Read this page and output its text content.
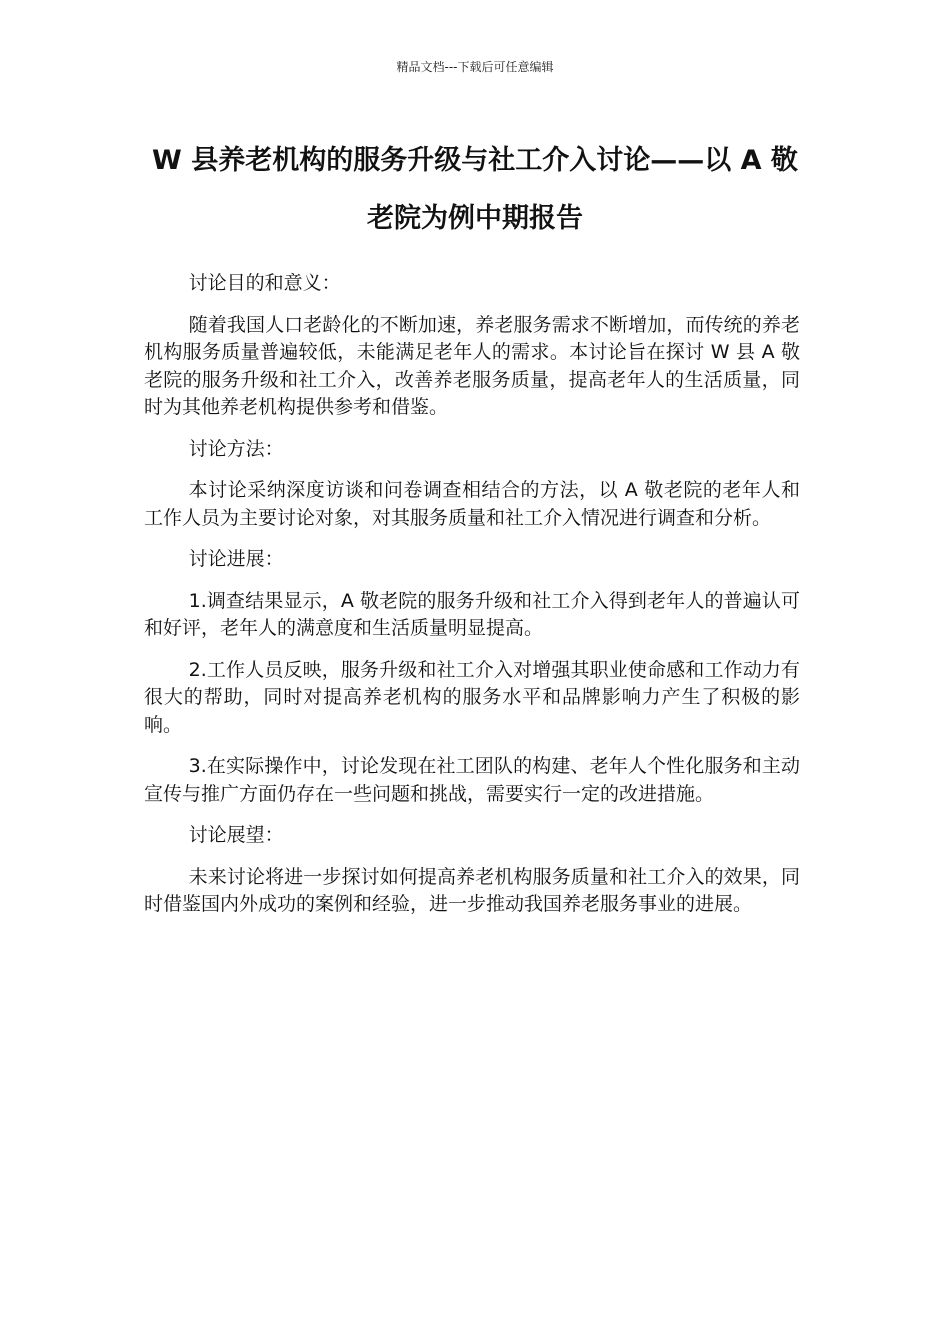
精品文档---下载后可任意编辑
W 县养老机构的服务升级与社工介入讨论——以 A 敬老院为例中期报告

讨论目的和意义：

随着我国人口老龄化的不断加速，养老服务需求不断增加，而传统的养老机构服务质量普遍较低，未能满足老年人的需求。本讨论旨在探讨 W 县 A 敬老院的服务升级和社工介入，改善养老服务质量，提高老年人的生活质量，同时为其他养老机构提供参考和借鉴。

讨论方法：

本讨论采纳深度访谈和问卷调查相结合的方法，以 A 敬老院的老年人和工作人员为主要讨论对象，对其服务质量和社工介入情况进行调查和分析。

讨论进展：

1.调查结果显示，A 敬老院的服务升级和社工介入得到老年人的普遍认可和好评，老年人的满意度和生活质量明显提高。

2.工作人员反映，服务升级和社工介入对增强其职业使命感和工作动力有很大的帮助，同时对提高养老机构的服务水平和品牌影响力产生了积极的影响。

3.在实际操作中，讨论发现在社工团队的构建、老年人个性化服务和主动宣传与推广方面仍存在一些问题和挑战，需要实行一定的改进措施。

讨论展望：

未来讨论将进一步探讨如何提高养老机构服务质量和社工介入的效果，同时借鉴国内外成功的案例和经验，进一步推动我国养老服务事业的进展。
